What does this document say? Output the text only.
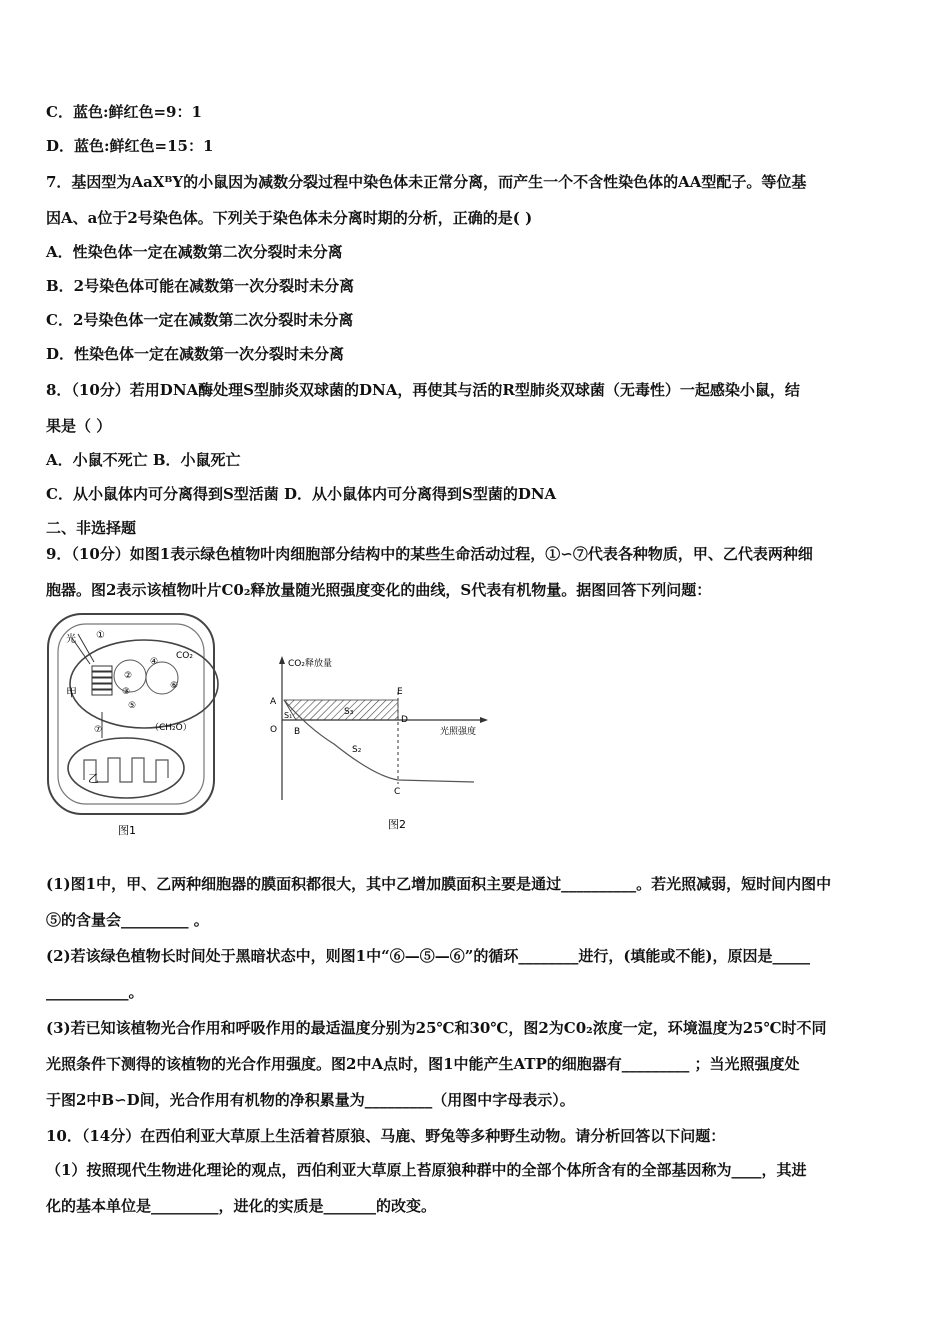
C．蓝色:鲜红色=9：1
D．蓝色:鲜红色=15：1
7．基因型为AaXᴮY的小鼠因为减数分裂过程中染色体未正常分离，而产生一个不含性染色体的AA型配子。等位基
因A、a位于2号染色体。下列关于染色体未分离时期的分析，正确的是( )
A．性染色体一定在减数第二次分裂时未分离
B．2号染色体可能在减数第一次分裂时未分离
C．2号染色体一定在减数第二次分裂时未分离
D．性染色体一定在减数第一次分裂时未分离
8．（10分）若用DNA酶处理S型肺炎双球菌的DNA，再使其与活的R型肺炎双球菌（无毒性）一起感染小鼠，结
果是（ ）
A．小鼠不死亡 B．小鼠死亡
C．从小鼠体内可分离得到S型活菌 D．从小鼠体内可分离得到S型菌的DNA
二、非选择题
9．（10分）如图1表示绿色植物叶肉细胞部分结构中的某些生命活动过程，①∽⑦代表各种物质，甲、乙代表两种细
胞器。图2表示该植物叶片C0₂释放量随光照强度变化的曲线，S代表有机物量。据图回答下列问题：
光 ①
②
③
④
⑤
⑥
⑦
甲
CO₂
（CH₂O）
乙
图1
CO₂释放量
光照强度
A
B
C
D
E
O
S₁	S₃
S₂
图2
(1)图1中，甲、乙两种细胞器的膜面积都很大，其中乙增加膜面积主要是通过__________。若光照减弱，短时间内图中
⑤的含量会_________ 。
(2)若该绿色植物长时间处于黑暗状态中，则图1中“⑥—⑤—⑥”的循环________进行，(填能或不能)，原因是_____
___________。
(3)若已知该植物光合作用和呼吸作用的最适温度分别为25℃和30℃，图2为C0₂浓度一定，环境温度为25℃时不同
光照条件下测得的该植物的光合作用强度。图2中A点时，图1中能产生ATP的细胞器有_________ ；当光照强度处
于图2中B∽D间，光合作用有机物的净积累量为_________（用图中字母表示）。
10．（14分）在西伯利亚大草原上生活着苔原狼、马鹿、野兔等多种野生动物。请分析回答以下问题：
（1）按照现代生物进化理论的观点，西伯利亚大草原上苔原狼种群中的全部个体所含有的全部基因称为____，其进
化的基本单位是_________，进化的实质是_______的改变。
